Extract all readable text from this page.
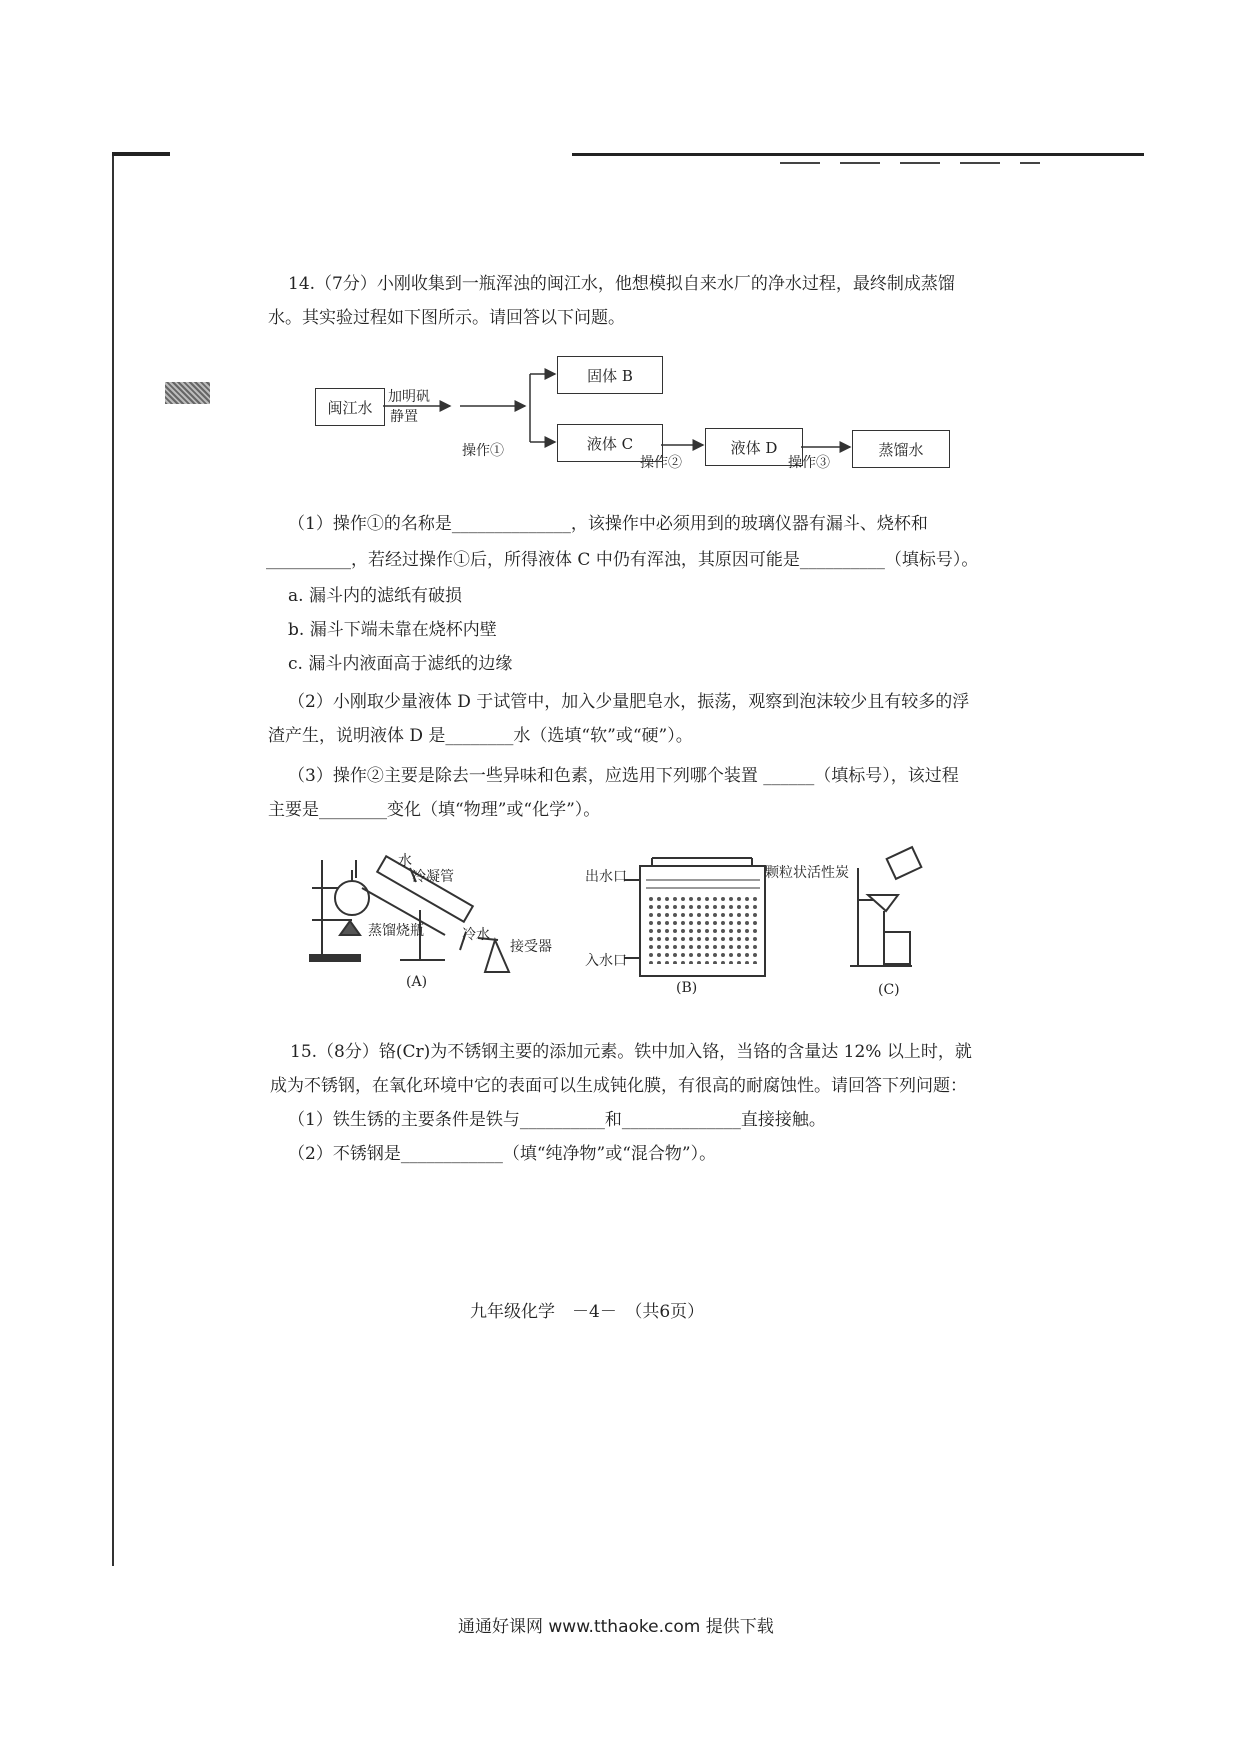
14.（7分）小刚收集到一瓶浑浊的闽江水，他想模拟自来水厂的净水过程，最终制成蒸馏
水。其实验过程如下图所示。请回答以下问题。
闽江水
加明矾
静置
操作①
固体 B
液体 C
操作②
液体 D
操作③
蒸馏水
（1）操作①的名称是______________，该操作中必须用到的玻璃仪器有漏斗、烧杯和
__________，若经过操作①后，所得液体 C 中仍有浑浊，其原因可能是__________（填标号）。
a. 漏斗内的滤纸有破损
b. 漏斗下端未靠在烧杯内壁
c. 漏斗内液面高于滤纸的边缘
（2）小刚取少量液体 D 于试管中，加入少量肥皂水，振荡，观察到泡沫较少且有较多的浮
渣产生，说明液体 D 是________水（选填“软”或“硬”）。
（3）操作②主要是除去一些异味和色素，应选用下列哪个装置 ______（填标号），该过程
主要是________变化（填“物理”或“化学”）。
水
冷凝管
蒸馏烧瓶	冷水
接受器
(A)
出水口	颗粒状活性炭
入水口
(B)	(C)
15.（8分）铬(Cr)为不锈钢主要的添加元素。铁中加入铬，当铬的含量达 12% 以上时，就
成为不锈钢，在氧化环境中它的表面可以生成钝化膜，有很高的耐腐蚀性。请回答下列问题：
（1）铁生锈的主要条件是铁与__________和______________直接接触。
（2）不锈钢是____________（填“纯净物”或“混合物”）。
九年级化学　－4－　（共6页）
通通好课网 www.tthaoke.com 提供下载
